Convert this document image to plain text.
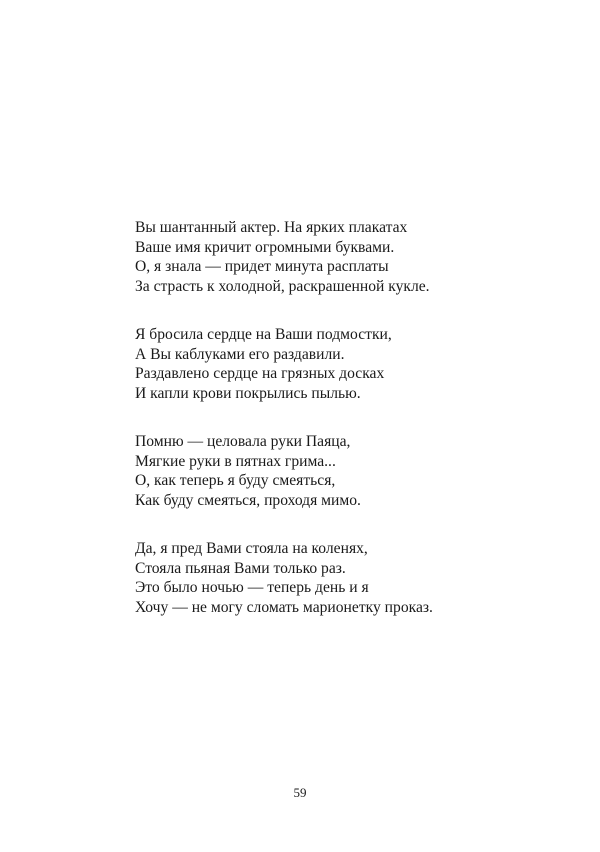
Вы шантанный актер. На ярких плакатах
Ваше имя кричит огромными буквами.
О, я знала — придет минута расплаты
За страсть к холодной, раскрашенной кукле.
Я бросила сердце на Ваши подмостки,
А Вы каблуками его раздавили.
Раздавлено сердце на грязных досках
И капли крови покрылись пылью.
Помню — целовала руки Паяца,
Мягкие руки в пятнах грима...
О, как теперь я буду смеяться,
Как буду смеяться, проходя мимо.
Да, я пред Вами стояла на коленях,
Стояла пьяная Вами только раз.
Это было ночью — теперь день и я
Хочу — не могу сломать марионетку проказ.
59
